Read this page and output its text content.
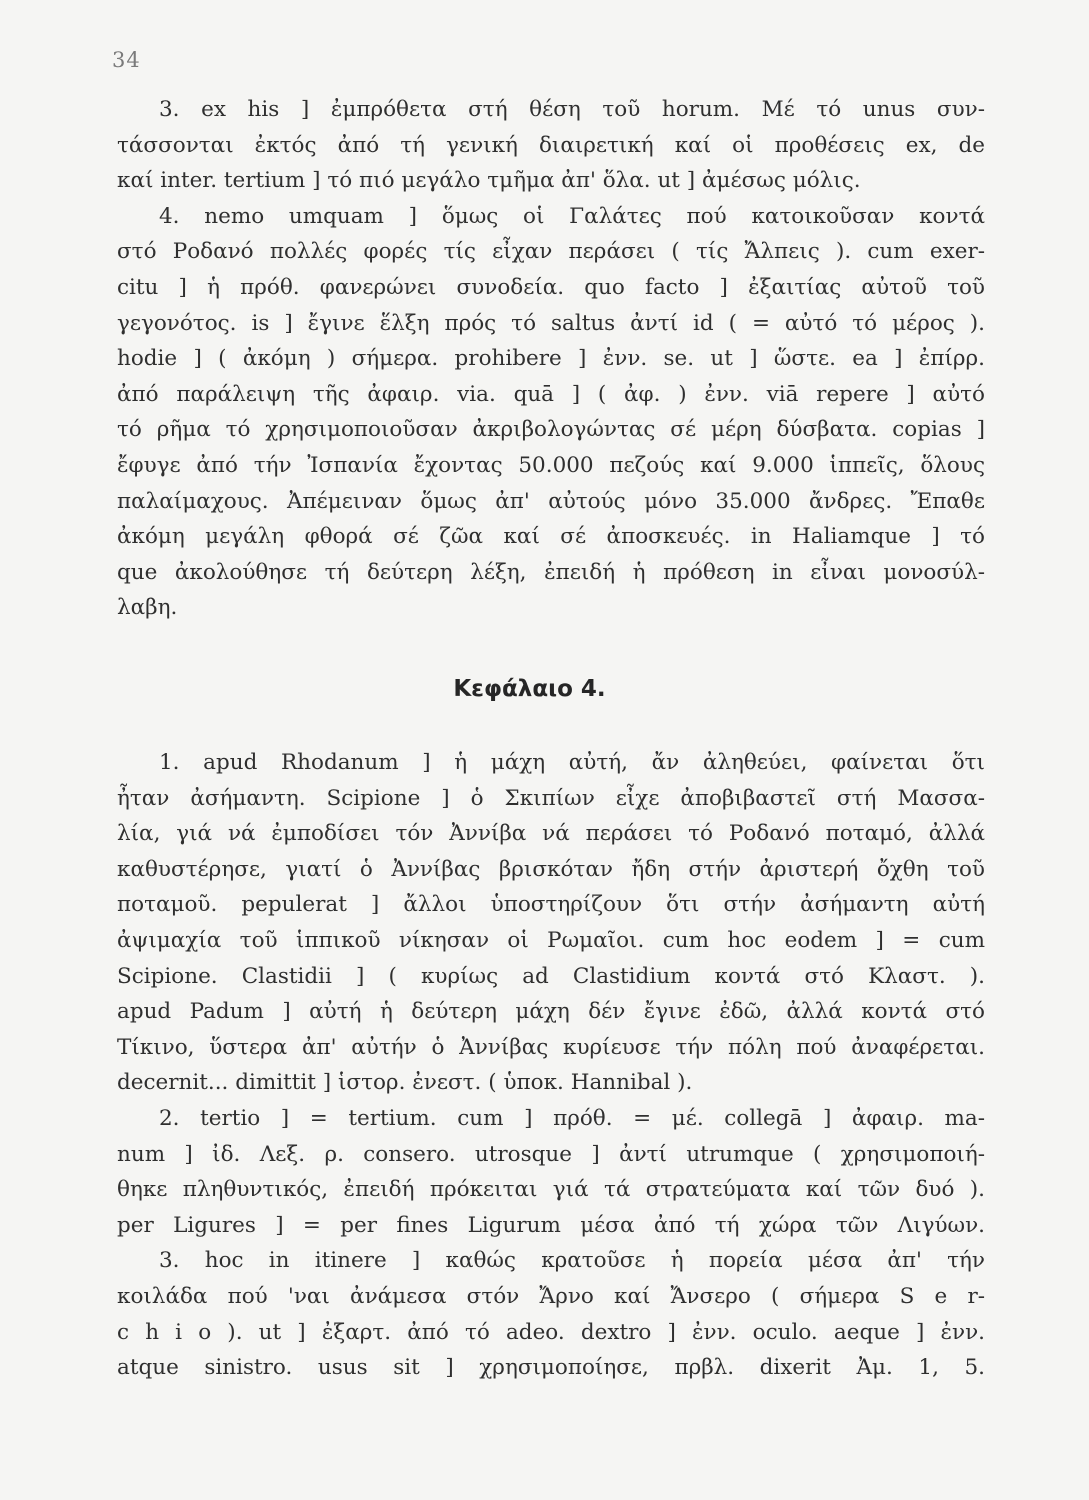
34
3. ex his ] ἐμπρόθετα στή θέση τοῦ horum. Μέ τό unus συν-
τάσσονται ἐκτός ἀπό τή γενική διαιρετική καί οἱ προθέσεις ex, de
καί inter. tertium ] τό πιό μεγάλο τμῆμα ἀπ' ὅλα. ut ] ἀμέσως μόλις.
4. nemo umquam ] ὅμως οἱ Γαλάτες πού κατοικοῦσαν κοντά
στό Ροδανό πολλές φορές τίς εἶχαν περάσει ( τίς Ἄλπεις ). cum exer-
citu ] ἡ πρόθ. φανερώνει συνοδεία. quo facto ] ἐξαιτίας αὐτοῦ τοῦ
γεγονότος. is ] ἔγινε ἕλξη πρός τό saltus ἀντί id ( = αὐτό τό μέρος ).
hodie ] ( ἀκόμη ) σήμερα. prohibere ] ἐνν. se. ut ] ὥστε. ea ] ἐπίρρ.
ἀπό παράλειψη τῆς ἀφαιρ. via. quā ] ( ἀφ. ) ἐνν. viā repere ] αὐτό
τό ρῆμα τό χρησιμοποιοῦσαν ἀκριβολογώντας σέ μέρη δύσβατα. copias ]
ἔφυγε ἀπό τήν Ἰσπανία ἔχοντας 50.000 πεζούς καί 9.000 ἱππεῖς, ὅλους
παλαίμαχους. Ἀπέμειναν ὅμως ἀπ' αὐτούς μόνο 35.000 ἄνδρες. Ἔπαθε
ἀκόμη μεγάλη φθορά σέ ζῶα καί σέ ἀποσκευές. in Haliamque ] τό
que ἀκολούθησε τή δεύτερη λέξη, ἐπειδή ἡ πρόθεση in εἶναι μονοσύλ-
λαβη.
Κεφάλαιο 4.
1. apud Rhodanum ] ἡ μάχη αὐτή, ἄν ἀληθεύει, φαίνεται ὅτι
ἦταν ἀσήμαντη. Scipione ] ὁ Σκιπίων εἶχε ἀποβιβαστεῖ στή Μασσα-
λία, γιά νά ἐμποδίσει τόν Ἀννίβα νά περάσει τό Ροδανό ποταμό, ἀλλά
καθυστέρησε, γιατί ὁ Ἀννίβας βρισκόταν ἤδη στήν ἀριστερή ὄχθη τοῦ
ποταμοῦ. pepulerat ] ἄλλοι ὑποστηρίζουν ὅτι στήν ἀσήμαντη αὐτή
ἀψιμαχία τοῦ ἱππικοῦ νίκησαν οἱ Ρωμαῖοι. cum hoc eodem ] = cum
Scipione. Clastidii ] ( κυρίως ad Clastidium κοντά στό Κλαστ. ).
apud Padum ] αὐτή ἡ δεύτερη μάχη δέν ἔγινε ἐδῶ, ἀλλά κοντά στό
Τίκινο, ὕστερα ἀπ' αὐτήν ὁ Ἀννίβας κυρίευσε τήν πόλη πού ἀναφέρεται.
decernit... dimittit ] ἱστορ. ἐνεστ. ( ὑποκ. Hannibal ).
2. tertio ] = tertium. cum ] πρόθ. = μέ. collegā ] ἀφαιρ. ma-
num ] ἰδ. Λεξ. ρ. consero. utrosque ] ἀντί utrumque ( χρησιμοποιή-
θηκε πληθυντικός, ἐπειδή πρόκειται γιά τά στρατεύματα καί τῶν δυό ).
per Ligures ] = per fines Ligurum μέσα ἀπό τή χώρα τῶν Λιγύων.
3. hoc in itinere ] καθώς κρατοῦσε ἡ πορεία μέσα ἀπ' τήν
κοιλάδα πού 'ναι ἀνάμεσα στόν Ἄρνο καί Ἄνσερο ( σήμερα S e r-
c h i o ). ut ] ἐξαρτ. ἀπό τό adeo. dextro ] ἐνν. oculo. aeque ] ἐνν.
atque sinistro. usus sit ] χρησιμοποίησε, πρβλ. dixerit Ἀμ. 1, 5.
